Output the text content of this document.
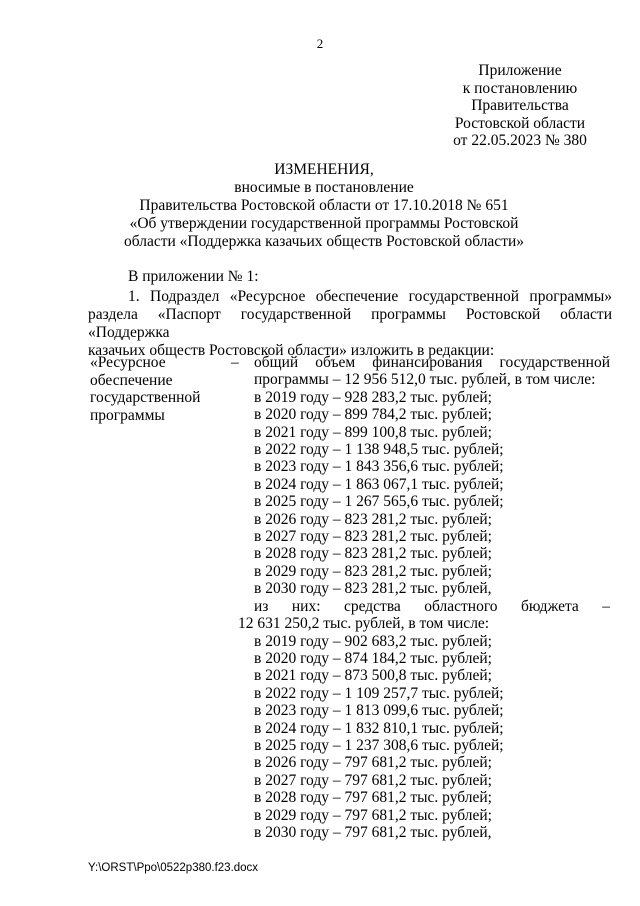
2
Приложение
к постановлению
Правительства
Ростовской области
от 22.05.2023 № 380
ИЗМЕНЕНИЯ,
вносимые в постановление
Правительства Ростовской области от 17.10.2018 № 651
«Об утверждении государственной программы Ростовской
области «Поддержка казачьих обществ Ростовской области»
В приложении № 1:
1. Подраздел «Ресурсное обеспечение государственной программы»
раздела «Паспорт государственной программы Ростовской области «Поддержка
казачьих обществ Ростовской области» изложить в редакции:
«Ресурсное
обеспечение
государственной
программы
– общий объем финансирования государственной
программы – 12 956 512,0 тыс. рублей, в том числе:
в 2019 году – 928 283,2 тыс. рублей;
в 2020 году – 899 784,2 тыс. рублей;
в 2021 году – 899 100,8 тыс. рублей;
в 2022 году – 1 138 948,5 тыс. рублей;
в 2023 году – 1 843 356,6 тыс. рублей;
в 2024 году – 1 863 067,1 тыс. рублей;
в 2025 году – 1 267 565,6 тыс. рублей;
в 2026 году – 823 281,2 тыс. рублей;
в 2027 году – 823 281,2 тыс. рублей;
в 2028 году – 823 281,2 тыс. рублей;
в 2029 году – 823 281,2 тыс. рублей;
в 2030 году – 823 281,2 тыс. рублей,
из них: средства областного бюджета –
12 631 250,2 тыс. рублей, в том числе:
в 2019 году – 902 683,2 тыс. рублей;
в 2020 году – 874 184,2 тыс. рублей;
в 2021 году – 873 500,8 тыс. рублей;
в 2022 году – 1 109 257,7 тыс. рублей;
в 2023 году – 1 813 099,6 тыс. рублей;
в 2024 году – 1 832 810,1 тыс. рублей;
в 2025 году – 1 237 308,6 тыс. рублей;
в 2026 году – 797 681,2 тыс. рублей;
в 2027 году – 797 681,2 тыс. рублей;
в 2028 году – 797 681,2 тыс. рублей;
в 2029 году – 797 681,2 тыс. рублей;
в 2030 году – 797 681,2 тыс. рублей,
Y:\ORST\Ppo\0522p380.f23.docx
